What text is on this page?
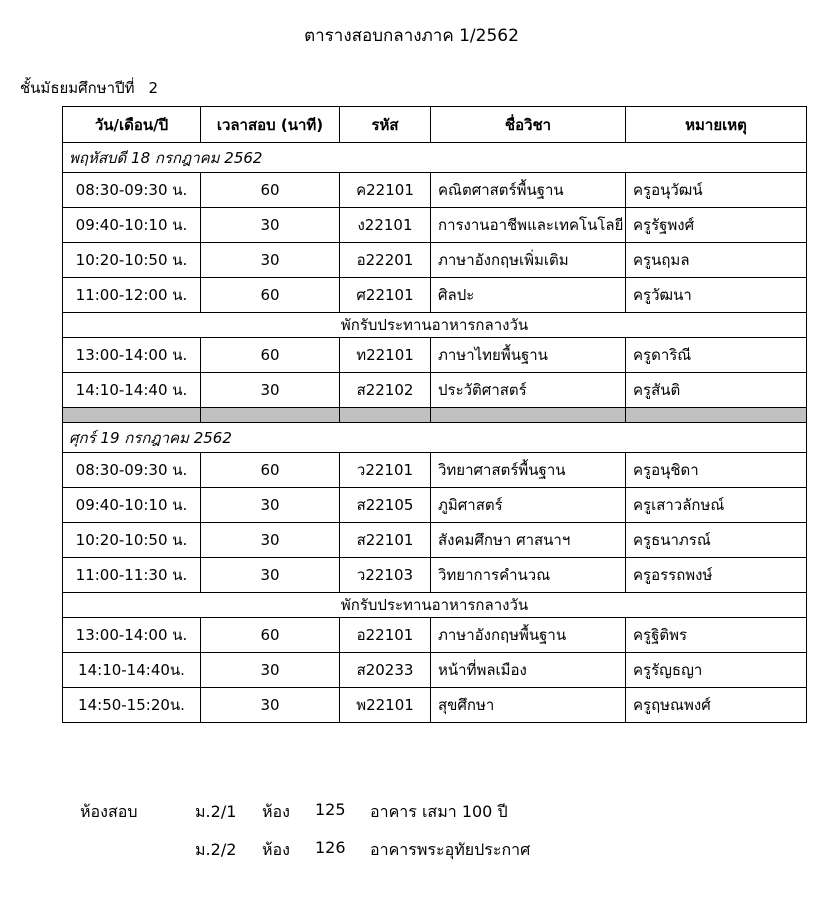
ตารางสอบกลางภาค 1/2562
ชั้นมัธยมศึกษาปีที่ 2
วัน/เดือน/ปี	เวลาสอบ (นาที)	รหัส	ชื่อวิชา	หมายเหตุ
พฤหัสบดี 18 กรกฎาคม 2562				
08:30-09:30 น.	60	ค22101	คณิตศาสตร์พื้นฐาน	ครูอนุวัฒน์
09:40-10:10 น.	30	ง22101	การงานอาชีพและเทคโนโลยี	ครูรัฐพงศ์
10:20-10:50 น.	30	อ22201	ภาษาอังกฤษเพิ่มเติม	ครูนฤมล
11:00-12:00 น.	60	ศ22101	ศิลปะ	ครูวัฒนา
พักรับประทานอาหารกลางวัน				
13:00-14:00 น.	60	ท22101	ภาษาไทยพื้นฐาน	ครูดาริณี
14:10-14:40 น.	30	ส22102	ประวัติศาสตร์	ครูสันติ

ศุกร์ 19 กรกฎาคม 2562				
08:30-09:30 น.	60	ว22101	วิทยาศาสตร์พื้นฐาน	ครูอนุชิดา
09:40-10:10 น.	30	ส22105	ภูมิศาสตร์	ครูเสาวลักษณ์
10:20-10:50 น.	30	ส22101	สังคมศึกษา ศาสนาฯ	ครูธนาภรณ์
11:00-11:30 น.	30	ว22103	วิทยาการคำนวณ	ครูอรรถพงษ์
พักรับประทานอาหารกลางวัน				
13:00-14:00 น.	60	อ22101	ภาษาอังกฤษพื้นฐาน	ครูฐิติพร
14:10-14:40น.	30	ส20233	หน้าที่พลเมือง	ครูรัญธญา
14:50-15:20น.	30	พ22101	สุขศึกษา	ครูฤษณพงศ์
ห้องสอบ	ม.2/1 ห้อง 125 อาคาร เสมา 100 ปี
ม.2/2 ห้อง 126 อาคารพระอุทัยประกาศ
